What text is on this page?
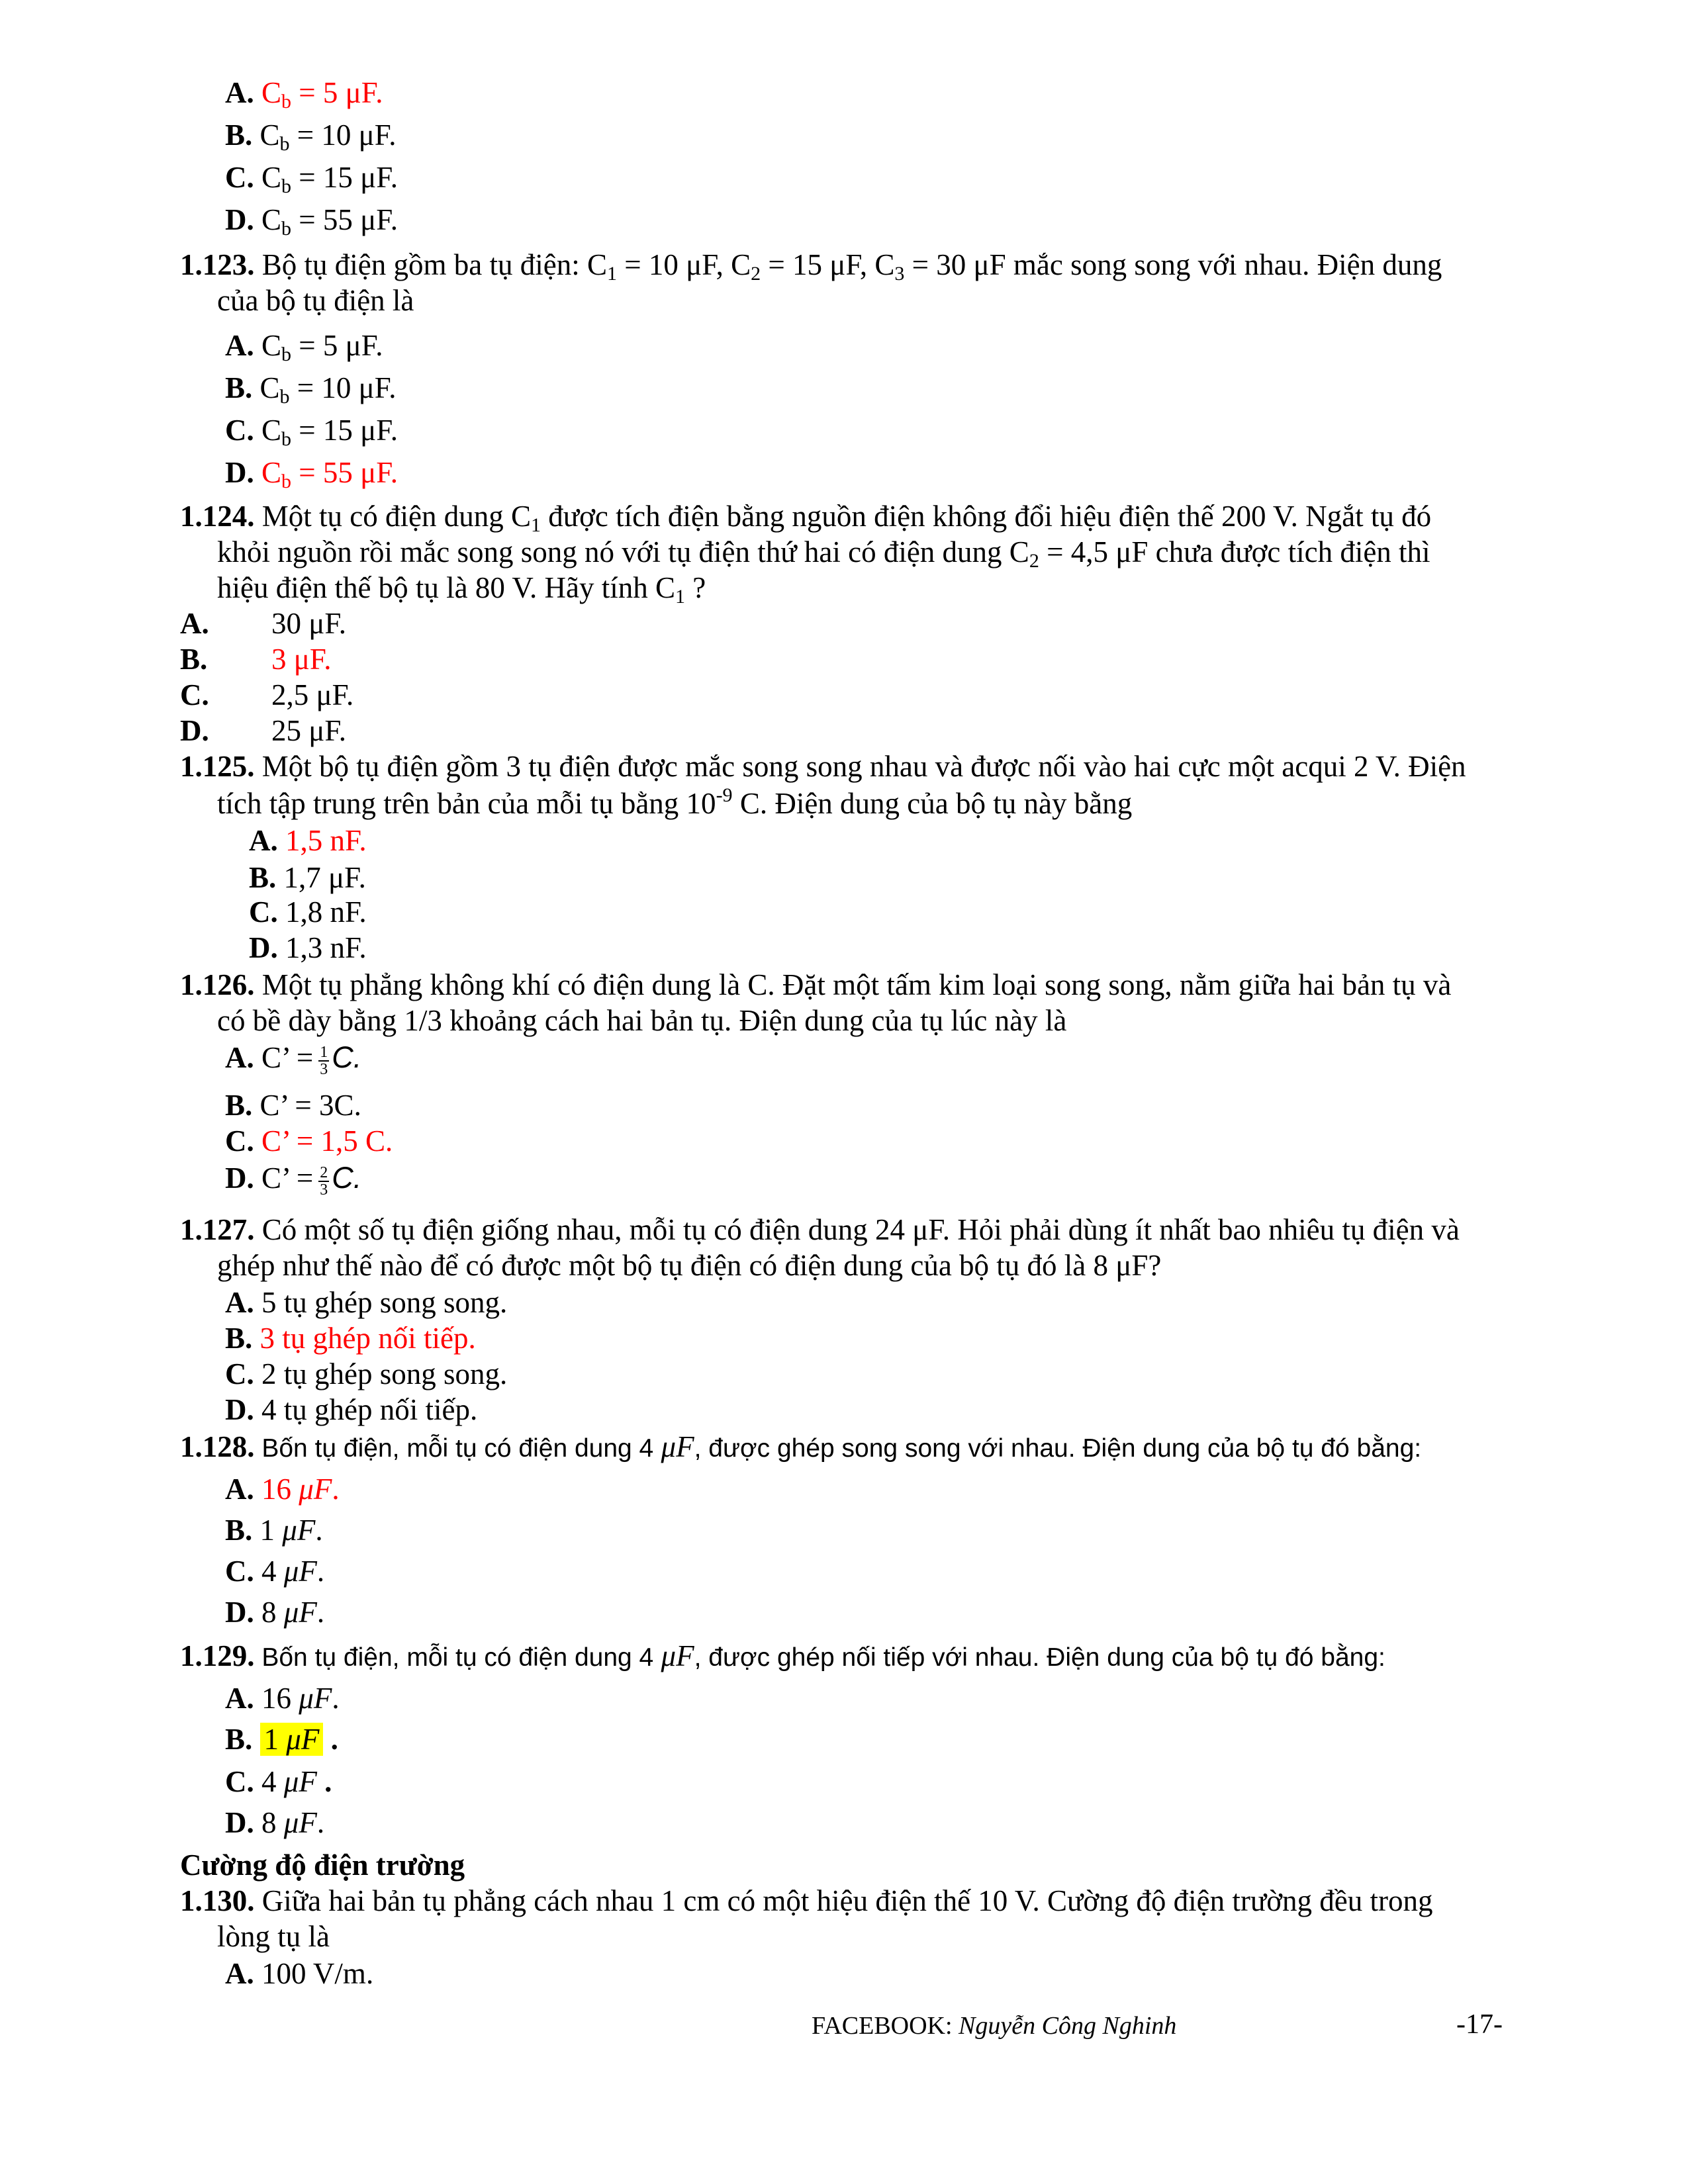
A. $C_b = 5$ μF.
B. $C_b = 10$ μF.
C. $C_b = 15$ μF.
D. $C_b = 55$ μF.
1.123. Bộ tụ điện gồm ba tụ điện: $C_1 = 10$ μF, $C_2 = 15$ μF, $C_3 = 30$ μF mắc song song với nhau. Điện dung
của bộ tụ điện là
A. $C_b = 5$ μF.
B. $C_b = 10$ μF.
C. $C_b = 15$ μF.
D. $C_b = 55$ μF.
1.124. Một tụ có điện dung $C_1$ được tích điện bằng nguồn điện không đổi hiệu điện thế 200 V. Ngắt tụ đó
khỏi nguồn rồi mắc song song nó với tụ điện thứ hai có điện dung $C_2 = 4,5$ μF chưa được tích điện thì
hiệu điện thế bộ tụ là 80 V. Hãy tính $C_1$ ?
A. 30 μF.
B. 3 μF.
C. 2,5 μF.
D. 25 μF.
1.125. Một bộ tụ điện gồm 3 tụ điện được mắc song song nhau và được nối vào hai cực một acqui 2 V. Điện
tích tập trung trên bản của mỗi tụ bằng $10^{-9}$ C. Điện dung của bộ tụ này bằng
A. 1,5 nF.
B. 1,7 μF.
C. 1,8 nF.
D. 1,3 nF.
1.126. Một tụ phẳng không khí có điện dung là C. Đặt một tấm kim loại song song, nằm giữa hai bản tụ và
có bề dày bằng 1/3 khoảng cách hai bản tụ. Điện dung của tụ lúc này là
A. C’ = $\frac{1}{3} C$.
B. C’ = 3C.
C. C’ = 1,5 C.
D. C’ = $\frac{2}{3} C$.
1.127. Có một số tụ điện giống nhau, mỗi tụ có điện dung 24 μF. Hỏi phải dùng ít nhất bao nhiêu tụ điện và
ghép như thế nào để có được một bộ tụ điện có điện dung của bộ tụ đó là 8 μF?
A. 5 tụ ghép song song.
B. 3 tụ ghép nối tiếp.
C. 2 tụ ghép song song.
D. 4 tụ ghép nối tiếp.
1.128. Bốn tụ điện, mỗi tụ có điện dung 4 μF, được ghép song song với nhau. Điện dung của bộ tụ đó bằng:
A. 16 μF.
B. 1 μF.
C. 4 μF.
D. 8 μF.
1.129. Bốn tụ điện, mỗi tụ có điện dung 4 μF, được ghép nối tiếp với nhau. Điện dung của bộ tụ đó bằng:
A. 16 μF.
B. 1 μF .
C. 4 μF .
D. 8 μF.
Cường độ điện trường
1.130. Giữa hai bản tụ phẳng cách nhau 1 cm có một hiệu điện thế 10 V. Cường độ điện trường đều trong
lòng tụ là
A. 100 V/m.
FACEBOOK: Nguyễn Công Nghinh	-17-
